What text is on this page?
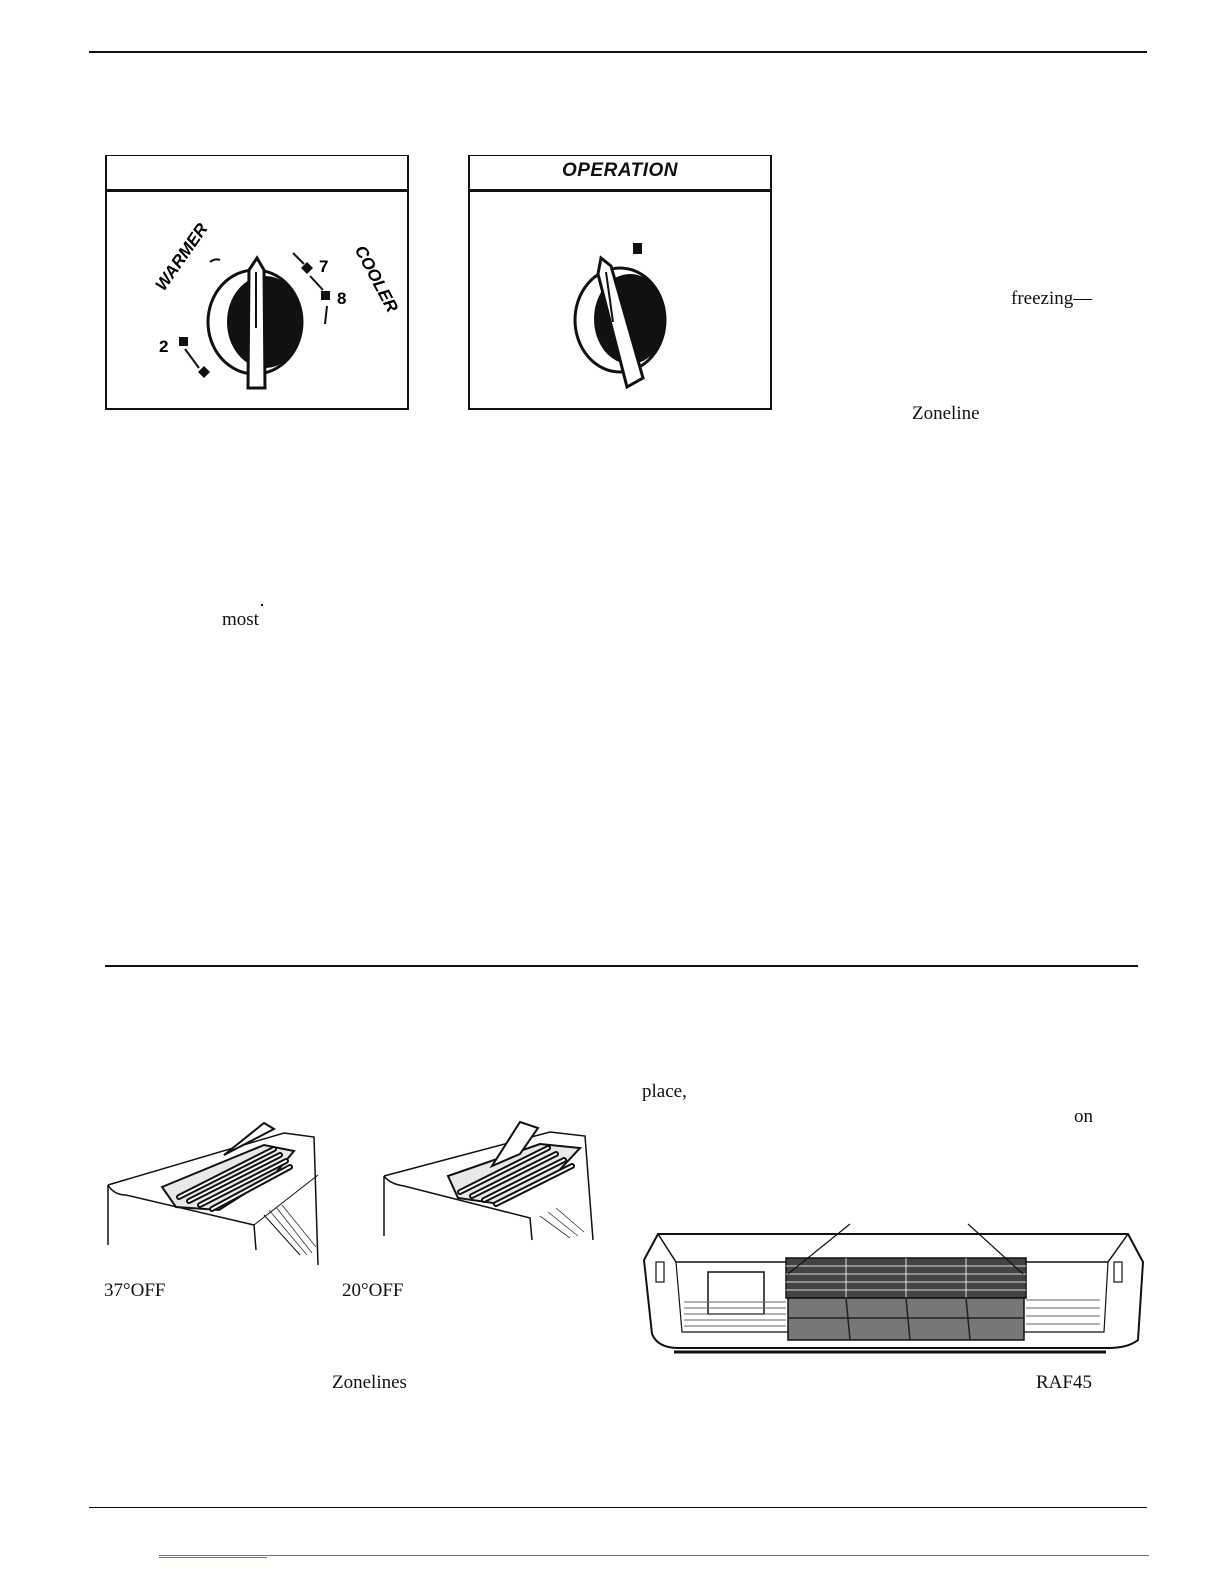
WARMER	COOLER
7
8
2
OPERATION
freezing—
Zoneline
most
place,
on
37°OFF	20°OFF
Zonelines	RAF45
